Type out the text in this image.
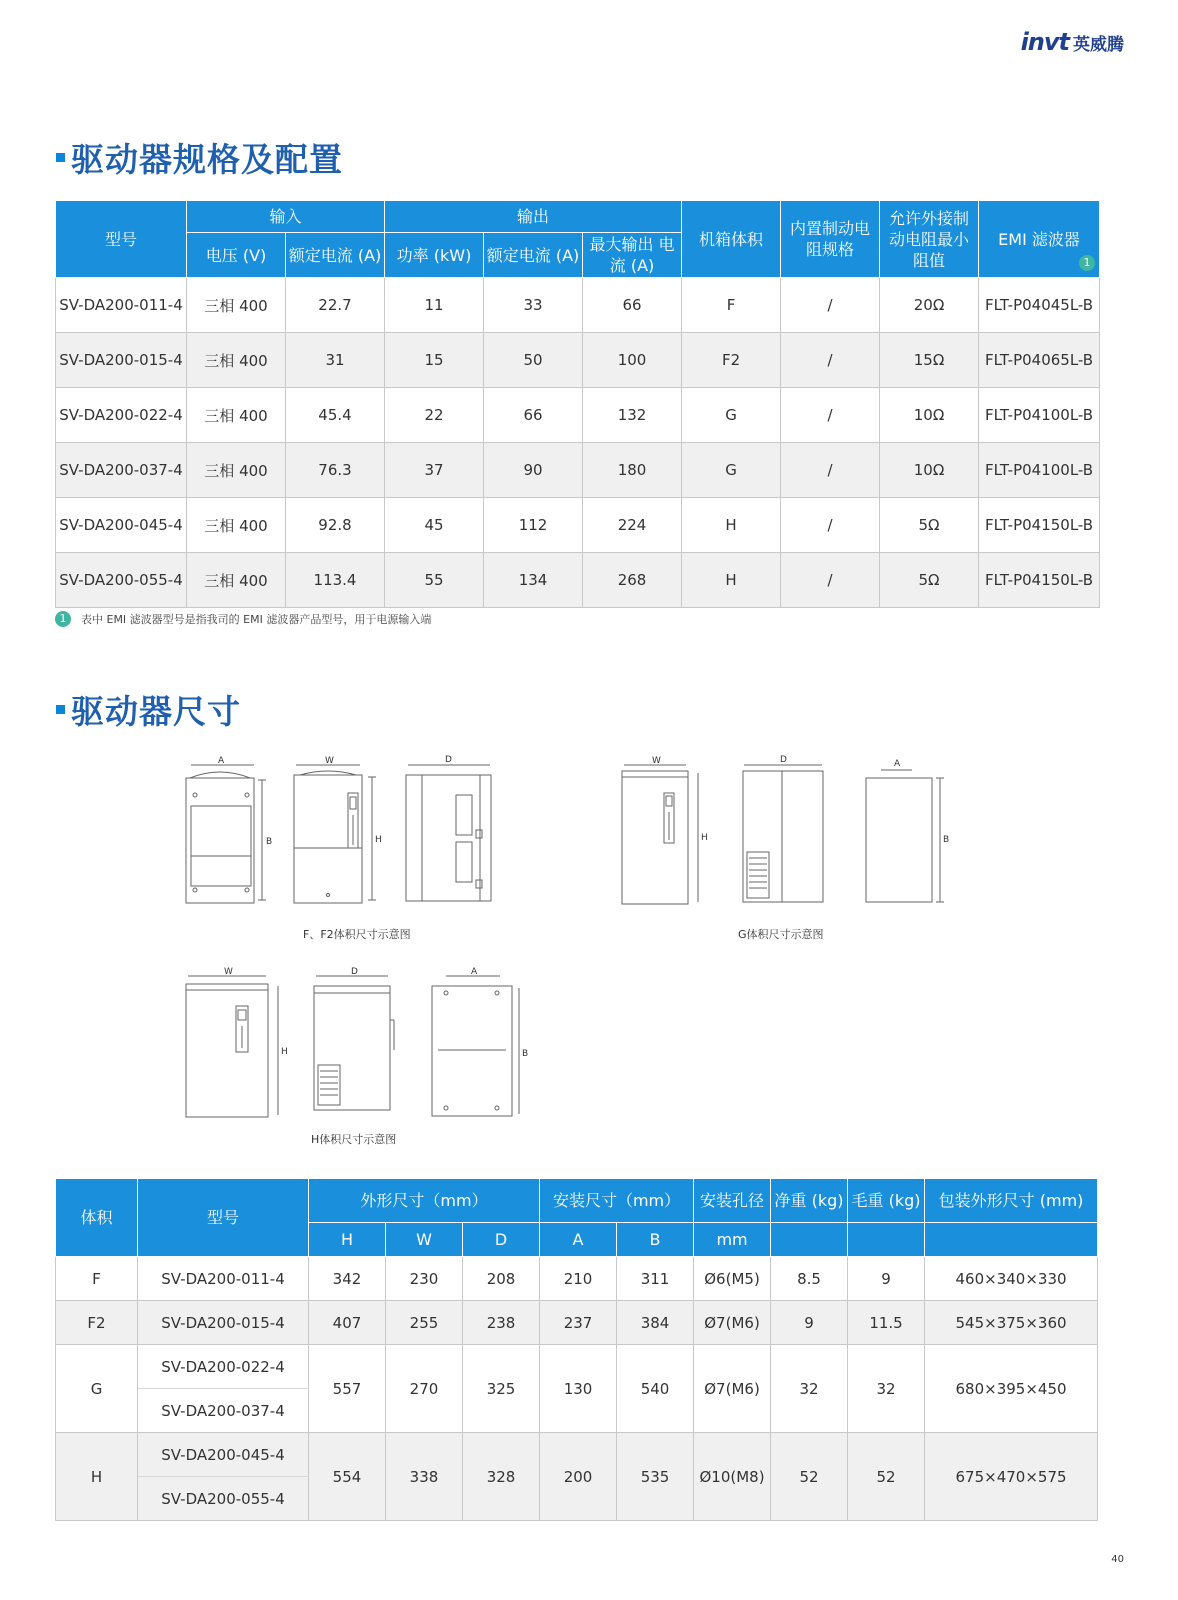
invt 英威腾
驱动器规格及配置
型号	输入		输出			机箱体积	内置制动电 阻规格	允许外接制 动电阻最小 阻值	EMI 滤波器
1

	电压 (V)	额定电流 (A)	功率 (kW)	额定电流 (A)	最大输出 电流 (A)				
SV-DA200-011-4	三相 400	22.7	11	33	66	F	/	20Ω	FLT-P04045L-B
SV-DA200-015-4	三相 400	31	15	50	100	F2	/	15Ω	FLT-P04065L-B
SV-DA200-022-4	三相 400	45.4	22	66	132	G	/	10Ω	FLT-P04100L-B
SV-DA200-037-4	三相 400	76.3	37	90	180	G	/	10Ω	FLT-P04100L-B
SV-DA200-045-4	三相 400	92.8	45	112	224	H	/	5Ω	FLT-P04150L-B
SV-DA200-055-4	三相 400	113.4	55	134	268	H	/	5Ω	FLT-P04150L-B
1	表中 EMI 滤波器型号是指我司的 EMI 滤波器产品型号，用于电源输入端
驱动器尺寸
A
B
W
H
D	W
H
D	A
B
W
H
D	A
B
F、F2体积尺寸示意图	G体积尺寸示意图
H体积尺寸示意图
体积	型号	外形尺寸（mm）			安装尺寸（mm）		安装孔径	净重 (kg)	毛重 (kg)	包装外形尺寸 (mm)
		H	W	D	A	B	mm			
F	SV-DA200-011-4	342	230	208	210	311	Ø6(M5)	8.5	9	460×340×330
F2	SV-DA200-015-4	407	255	238	237	384	Ø7(M6)	9	11.5	545×375×360
G	SV-DA200-022-4	557	270	325	130	540	Ø7(M6)	32	32	680×395×450
	SV-DA200-037-4									
H	SV-DA200-045-4	554	338	328	200	535	Ø10(M8)	52	52	675×470×575
	SV-DA200-055-4									
40
